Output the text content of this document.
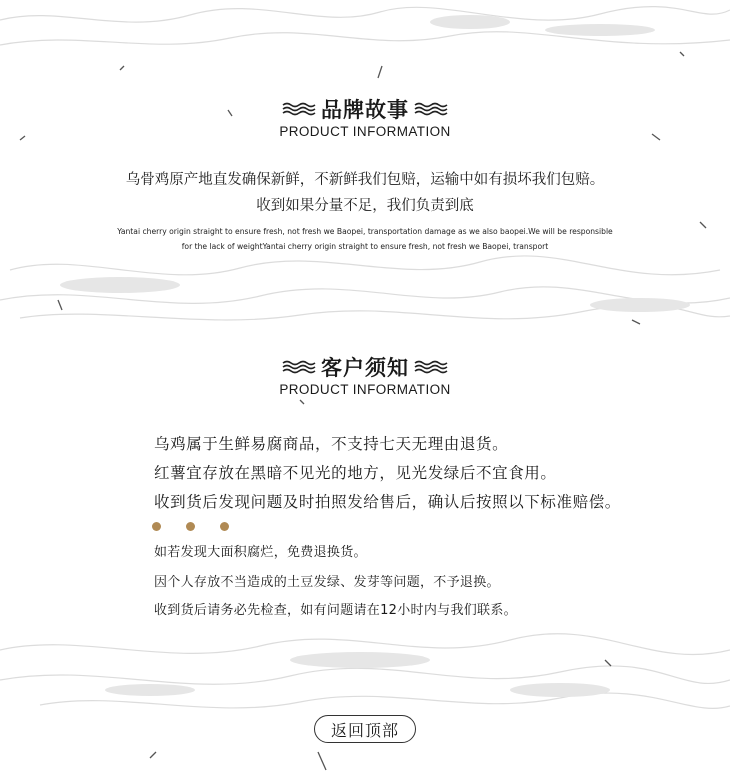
品牌故事
PRODUCT INFORMATION
乌骨鸡原产地直发确保新鲜，不新鲜我们包赔，运输中如有损坏我们包赔。
收到如果分量不足，我们负责到底
Yantai cherry origin straight to ensure fresh, not fresh we Baopei, transportation damage as we also baopei.We will be responsible
for the lack of weightYantai cherry origin straight to ensure fresh, not fresh we Baopei, transport
客户须知
PRODUCT INFORMATION
乌鸡属于生鲜易腐商品，不支持七天无理由退货。
红薯宜存放在黑暗不见光的地方，见光发绿后不宜食用。
收到货后发现问题及时拍照发给售后，确认后按照以下标准赔偿。
如若发现大面积腐烂，免费退换货。
因个人存放不当造成的土豆发绿、发芽等问题，不予退换。
收到货后请务必先检查，如有问题请在12小时内与我们联系。
返回顶部
